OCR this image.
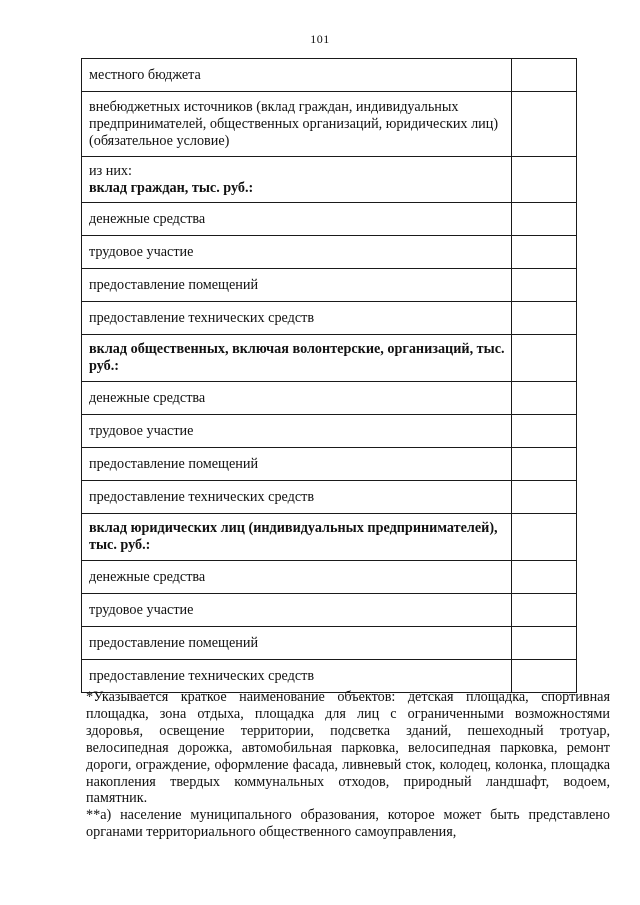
101
местного бюджета	
внебюджетных источников (вклад граждан, индивидуальных предпринимателей, общественных организаций, юридических лиц) (обязательное условие)	

из них:
вклад граждан, тыс. руб.:	

денежные средства	
трудовое участие	
предоставление помещений	
предоставление технических средств	
вклад общественных, включая волонтерские, организаций, тыс. руб.:	
денежные средства	
трудовое участие	
предоставление помещений	
предоставление технических средств	
вклад юридических лиц (индивидуальных предпринимателей), тыс. руб.:	
денежные средства	
трудовое участие	
предоставление помещений	
предоставление технических средств	

*Указывается краткое наименование объектов: детская площадка, спортивная площадка, зона отдыха, площадка для лиц с ограниченными возможностями здоровья, освещение территории, подсветка зданий, пешеходный тротуар, велосипедная дорожка, автомобильная парковка, велосипедная парковка, ремонт дороги, ограждение, оформление фасада, ливневый сток, колодец, колонка, площадка накопления твердых коммунальных отходов, природный ландшафт, водоем, памятник.

**а) население муниципального образования, которое может быть представлено органами территориального общественного самоуправления,
